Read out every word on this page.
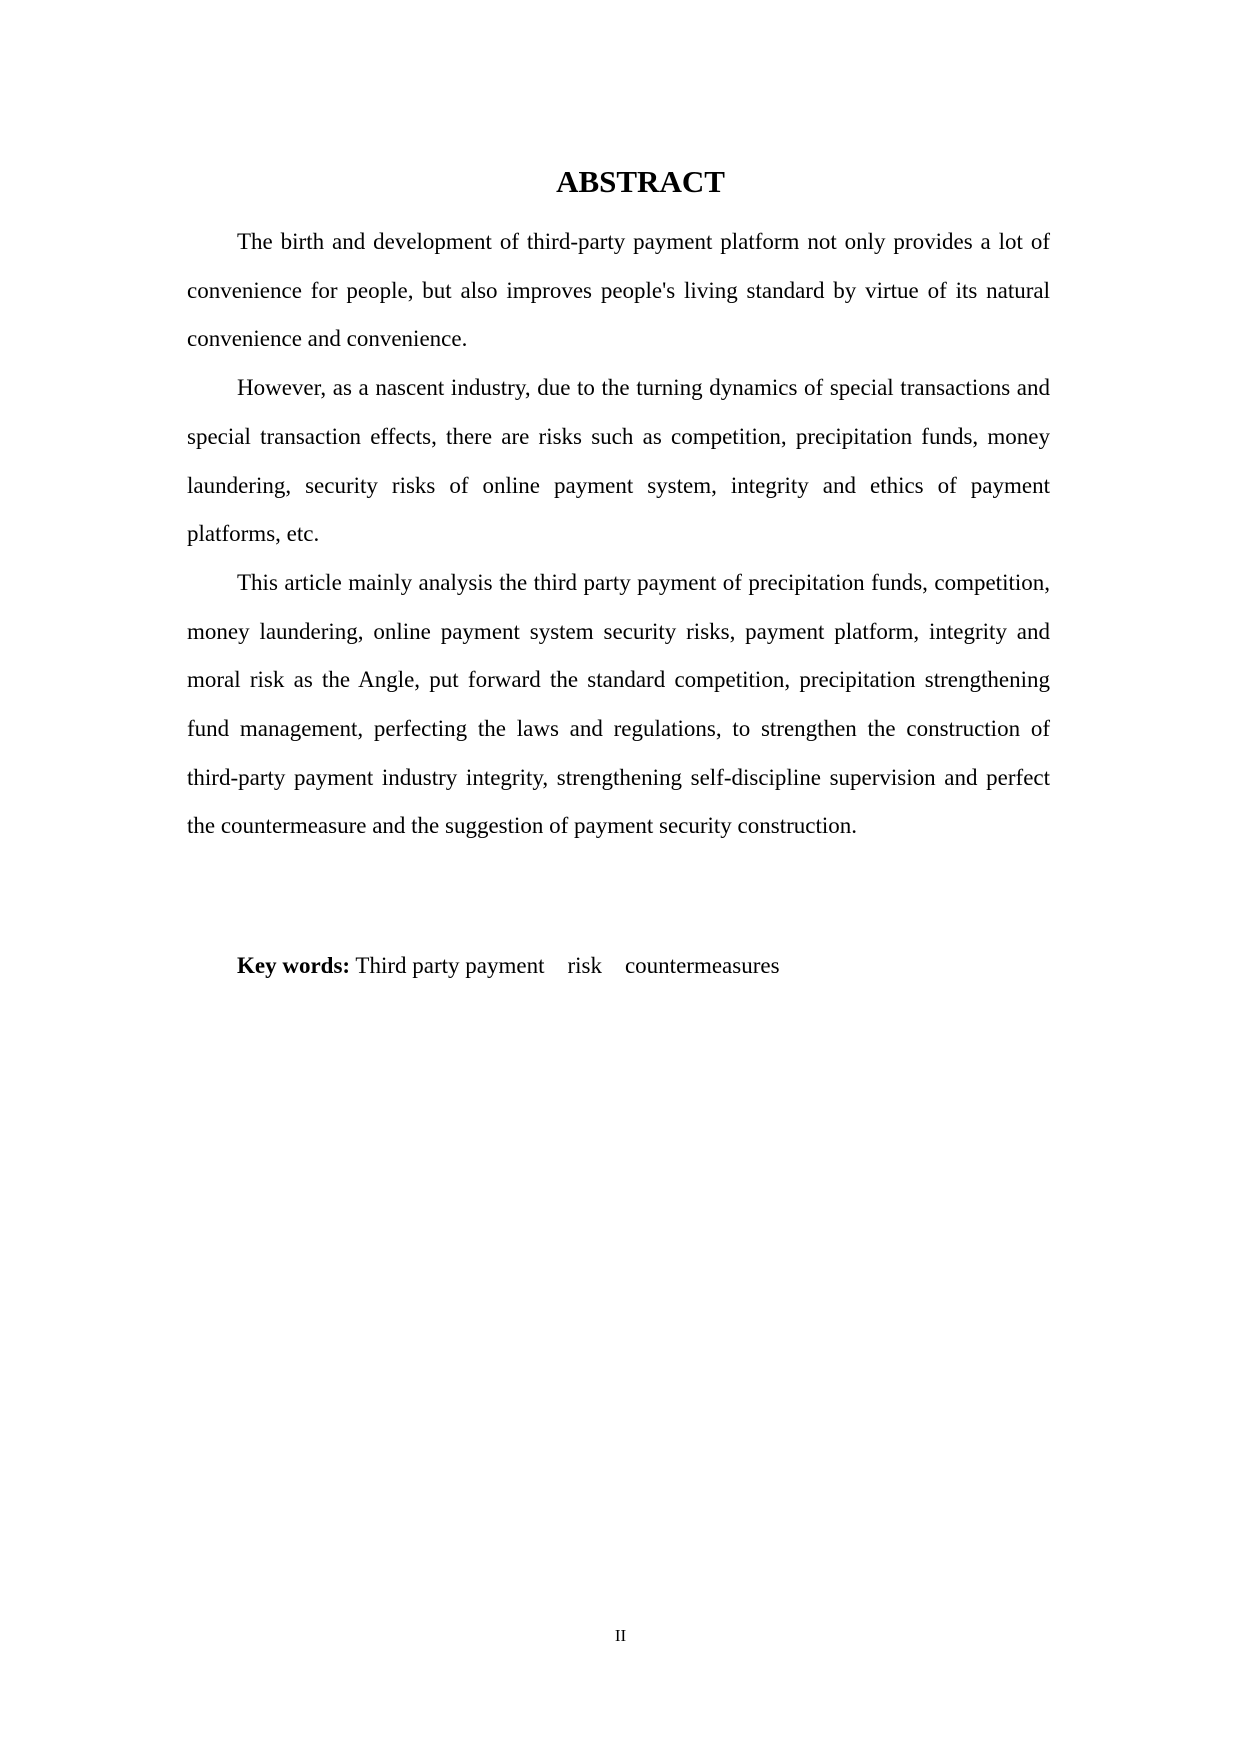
ABSTRACT

The birth and development of third-party payment platform not only provides a lot of convenience for people, but also improves people's living standard by virtue of its natural convenience and convenience.

However, as a nascent industry, due to the turning dynamics of special transactions and special transaction effects, there are risks such as competition, precipitation funds, money laundering, security risks of online payment system, integrity and ethics of payment platforms, etc.

This article mainly analysis the third party payment of precipitation funds, competition, money laundering, online payment system security risks, payment platform, integrity and moral risk as the Angle, put forward the standard competition, precipitation strengthening fund management, perfecting the laws and regulations, to strengthen the construction of third-party payment industry integrity, strengthening self-discipline supervision and perfect the countermeasure and the suggestion of payment security construction.

Key words: Third party payment    risk    countermeasures
II
